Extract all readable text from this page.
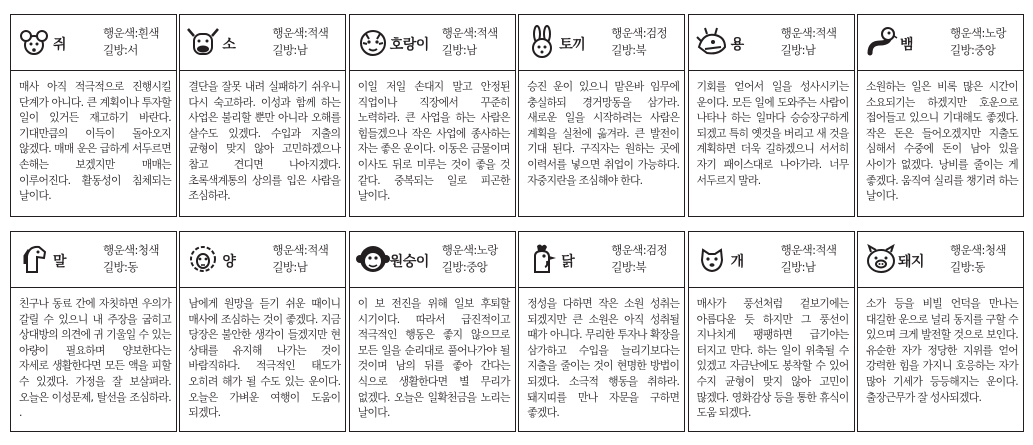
쥐
행운색:흰색
길방:서
매사 아직 적극적으로 진행시킬 단계가 아니다. 큰 계획이나 투자할 일이 있거든 재고하기 바란다. 기대만큼의 이득이 돌아오지 않겠다. 매매 운은 급하게 서두르면 손해는 보겠지만 매매는 이루어진다. 활동성이 침체되는 날이다.
소
행운색:적색
길방:남
결단을 잘못 내려 실패하기 쉬우니 다시 숙고하라. 이성과 함께 하는 사업은 불리할 뿐만 아니라 오해를 살수도 있겠다. 수입과 지출의 균형이 맞지 않아 고민하겠으나 참고 견디면 나아지겠다. 초록색계통의 상의를 입은 사람을 조심하라.
호랑이
행운색:적색
길방:남
이일 저일 손대지 말고 안정된 직업이나 직장에서 꾸준히 노력하라. 큰 사업을 하는 사람은 힘들겠으나 작은 사업에 종사하는 자는 좋은 운이다. 이동은 금물이며 이사도 뒤로 미루는 것이 좋을 것 같다. 중복되는 일로 피곤한 날이다.
토끼
행운색:검정
길방:북
승진 운이 있으니 맡은바 임무에 충실하되 경거망동을 삼가라. 새로운 일을 시작하려는 사람은 계획을 실천에 옮겨라. 큰 발전이 기대 된다. 구직자는 원하는 곳에 이력서를 넣으면 취업이 가능하다. 자중지란을 조심해야 한다.
용
행운색:적색
길방:남
기회를 얻어서 일을 성사시키는 운이다. 모든 일에 도와주는 사람이 나타나 하는 일마다 승승장구하게 되겠고 특히 옛것을 버리고 새 것을 계획하면 더욱 길하겠으니 서서히 자기 패이스대로 나아가라. 너무 서두르지 말라.
뱀
행운색:노랑
길방:중앙
소원하는 일은 비록 많은 시간이 소요되기는 하겠지만 호운으로 접어들고 있으니 기대해도 좋겠다. 작은 돈은 들어오겠지만 지출도 심해서 수중에 돈이 남아 있을 사이가 없겠다. 낭비를 줄이는 게 좋겠다. 움직여 실리를 챙기려 하는 날이다.
말
행운색:청색
길방:동
친구나 동료 간에 자칫하면 우의가 갈릴 수 있으니 내 주장을 굽히고 상대방의 의견에 귀 기울일 수 있는 아량이 필요하며 양보한다는 자세로 생활한다면 모든 액을 피할 수 있겠다. 가정을 잘 보살펴라. 오늘은 이성문제, 탈선을 조심하라. .
양
행운색:적색
길방:남
남에게 원망을 듣기 쉬운 때이니 매사에 조심하는 것이 좋겠다. 지금 당장은 불안한 생각이 들겠지만 현 상태를 유지해 나가는 것이 바람직하다. 적극적인 태도가 오히려 해가 될 수도 있는 운이다. 오늘은 가벼운 여행이 도움이 되겠다.
원숭이
행운색:노랑
길방:중앙
이 보 전진을 위해 일보 후퇴할 시기이다. 따라서 급진적이고 적극적인 행동은 좋지 않으므로 모든 일을 순리대로 풀어나가야 될 것이며 남의 뒤를 좋아 간다는 식으로 생활한다면 별 무리가 없겠다. 오늘은 일확천금을 노리는 날이다.
닭
행운색:검정
길방:북
정성을 다하면 작은 소원 성취는 되겠지만 큰 소원은 아직 성취될 때가 아니다. 무리한 투자나 확장을 삼가하고 수입을 늘리기보다는 지출을 줄이는 것이 현명한 방법이 되겠다. 소극적 행동을 취하라. 돼지띠를 만나 자문을 구하면 좋겠다.
개
행운색:적색
길방:남
매사가 풍선처럼 겉보기에는 아름다운 듯 하지만 그 풍선이 지나치게 팽팽하면 급기야는 터지고 만다. 하는 일이 위축될 수 있겠고 자금난에도 봉착할 수 있어 수지 균형이 맞지 않아 고민이 많겠다. 영화감상 등을 통한 휴식이 도움 되겠다.
돼지
행운색:청색
길방:동
소가 등을 비빌 언덕을 만나는 대길한 운으로 널리 동지를 구할 수 있으며 크게 발전할 것으로 보인다. 유순한 자가 정당한 지위를 얻어 강력한 힘을 가지니 호응하는 자가 많아 기세가 등등해지는 운이다. 출장근무가 잘 성사되겠다.
